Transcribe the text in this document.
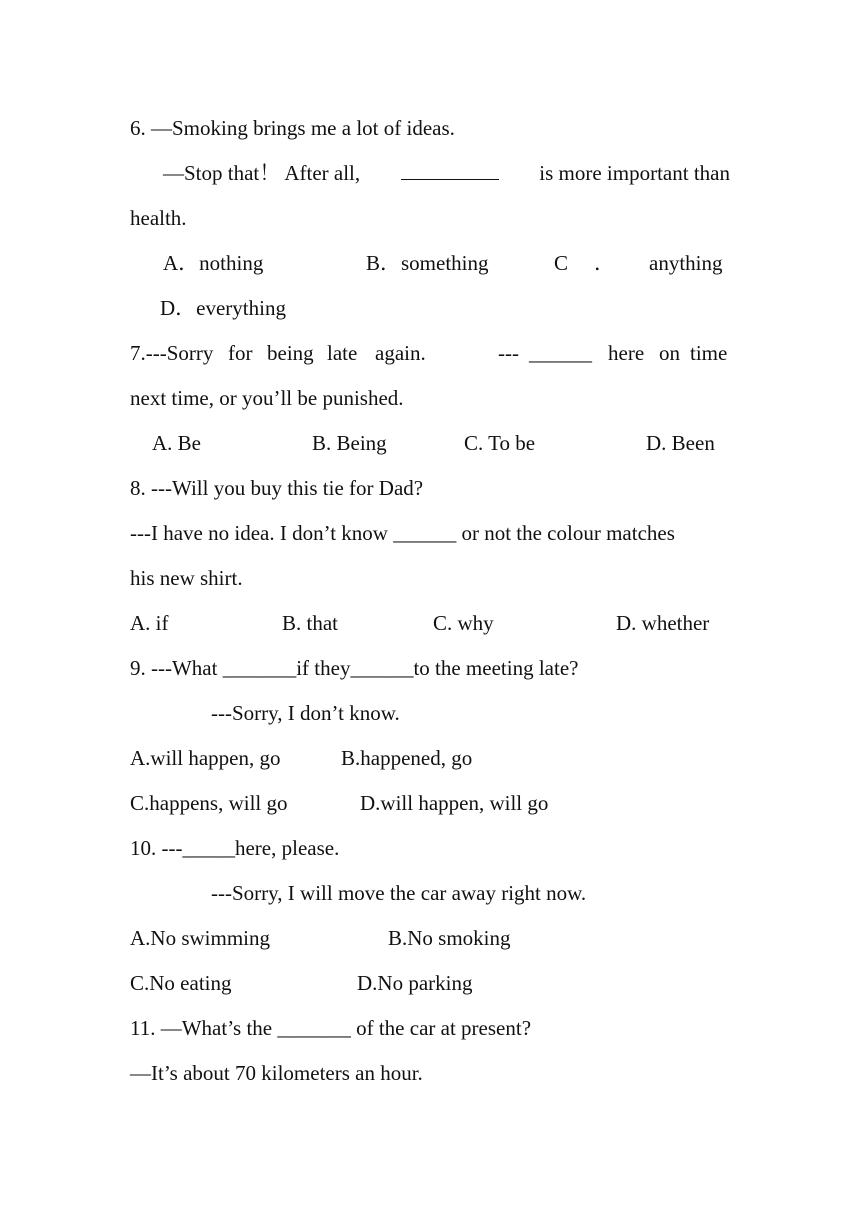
6. —Smoking brings me a lot of ideas.
—Stop that！ After all,	is more important than
health.
A．nothing	B．something	C ． anything
D．everything
7.---Sorry for being late again.	--- ______ here on time
next time, or you’ll be punished.
A. Be	B. Being	C. To be	D. Been
8. ---Will you buy this tie for Dad?
---I have no idea. I don’t know ______ or not the colour matches
his new shirt.
A. if	B. that	C. why	D. whether
9. ---What _______if they______to the meeting late?
---Sorry, I don’t know.
A.will happen, go	B.happened, go
C.happens, will go	D.will happen, will go
10. ---_____here, please.
---Sorry, I will move the car away right now.
A.No swimming	B.No smoking
C.No eating	D.No parking
11. —What’s the _______ of the car at present?
—It’s about 70 kilometers an hour.
